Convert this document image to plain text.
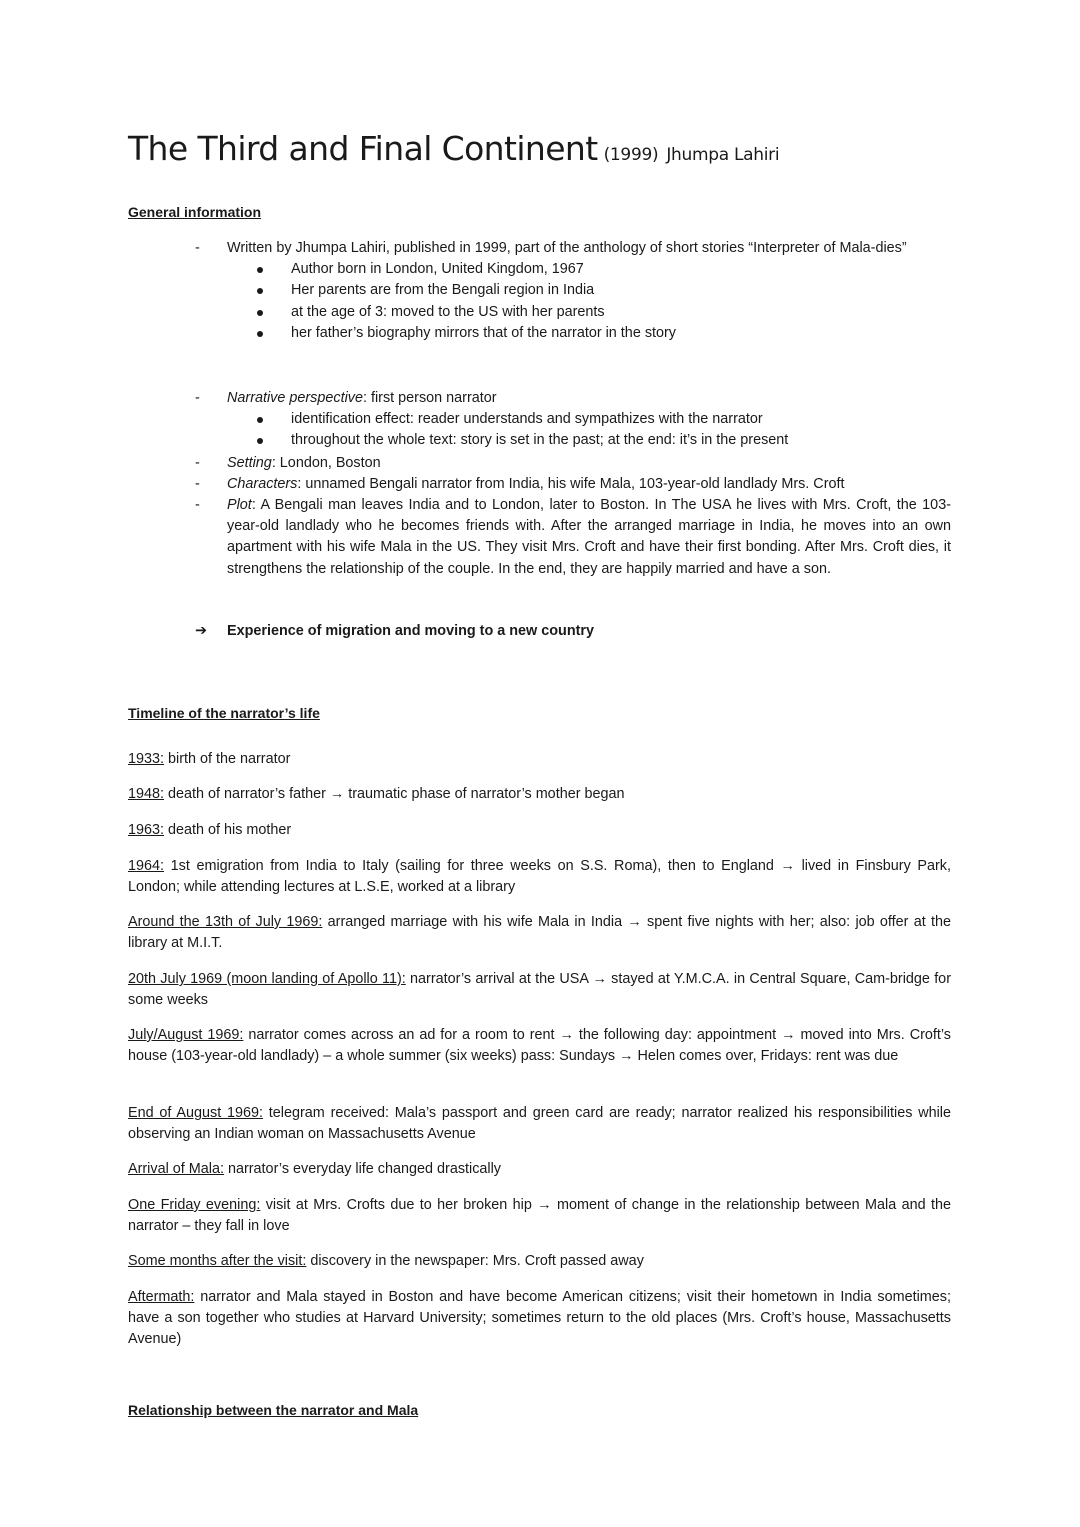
The Third and Final Continent (1999) Jhumpa Lahiri
General information
-	Written by Jhumpa Lahiri, published in 1999, part of the anthology of short stories “Interpreter of Mala-dies”
Author born in London, United Kingdom, 1967
Her parents are from the Bengali region in India
at the age of 3: moved to the US with her parents
her father’s biography mirrors that of the narrator in the story
-	Narrative perspective: first person narrator
identification effect: reader understands and sympathizes with the narrator
throughout the whole text: story is set in the past; at the end: it’s in the present
-	Setting: London, Boston
-	Characters: unnamed Bengali narrator from India, his wife Mala, 103-year-old landlady Mrs. Croft
-	Plot: A Bengali man leaves India and to London, later to Boston. In The USA he lives with Mrs. Croft, the 103-year-old landlady who he becomes friends with. After the arranged marriage in India, he moves into an own apartment with his wife Mala in the US. They visit Mrs. Croft and have their first bonding. After Mrs. Croft dies, it strengthens the relationship of the couple. In the end, they are happily married and have a son.
➔	Experience of migration and moving to a new country
Timeline of the narrator’s life
1933: birth of the narrator
1948: death of narrator’s father → traumatic phase of narrator’s mother began
1963: death of his mother
1964: 1st emigration from India to Italy (sailing for three weeks on S.S. Roma), then to England → lived in Finsbury Park, London; while attending lectures at L.S.E, worked at a library
Around the 13th of July 1969: arranged marriage with his wife Mala in India → spent five nights with her; also: job offer at the library at M.I.T.
20th July 1969 (moon landing of Apollo 11): narrator’s arrival at the USA → stayed at Y.M.C.A. in Central Square, Cam-bridge for some weeks
July/August 1969: narrator comes across an ad for a room to rent → the following day: appointment → moved into Mrs. Croft’s house (103-year-old landlady) – a whole summer (six weeks) pass: Sundays → Helen comes over, Fridays: rent was due
End of August 1969: telegram received: Mala’s passport and green card are ready; narrator realized his responsibilities while observing an Indian woman on Massachusetts Avenue
Arrival of Mala: narrator’s everyday life changed drastically
One Friday evening: visit at Mrs. Crofts due to her broken hip → moment of change in the relationship between Mala and the narrator – they fall in love
Some months after the visit: discovery in the newspaper: Mrs. Croft passed away
Aftermath: narrator and Mala stayed in Boston and have become American citizens; visit their hometown in India sometimes; have a son together who studies at Harvard University; sometimes return to the old places (Mrs. Croft’s house, Massachusetts Avenue)
Relationship between the narrator and Mala
